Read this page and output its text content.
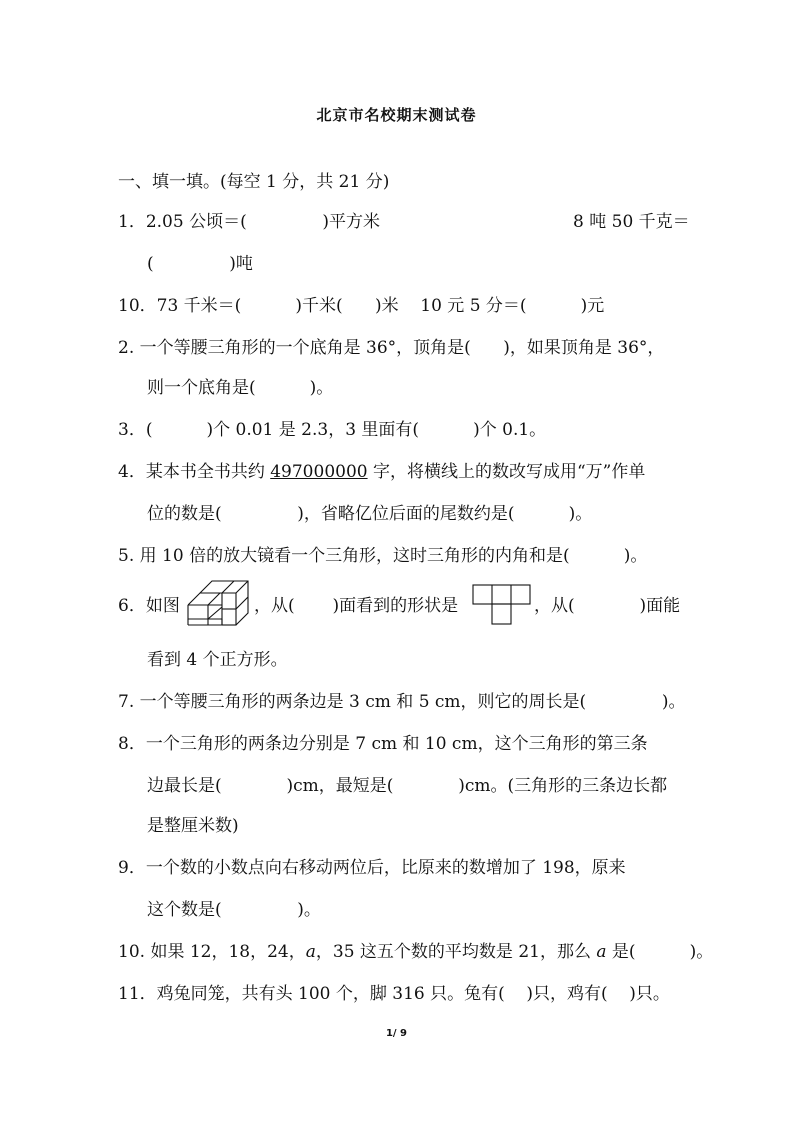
北京市名校期末测试卷
一、填一填。(每空 1 分，共 21 分)
1．2.05 公顷＝(              )平方米	8 吨 50 千克＝
(              )吨
10．73 千米＝(          )千米(      )米    10 元 5 分＝(          )元
2. 一个等腰三角形的一个底角是 36°，顶角是(      )，如果顶角是 36°，
则一个底角是(          )。
3．(          )个 0.01 是 2.3，3 里面有(          )个 0.1。
4．某本书全书共约 497000000 字，将横线上的数改写成用“万”作单
位的数是(              )，省略亿位后面的尾数约是(          )。
5. 用 10 倍的放大镜看一个三角形，这时三角形的内角和是(          )。
6．如图	，从(       )面看到的形状是	，从(            )面能
看到 4 个正方形。
7. 一个等腰三角形的两条边是 3 cm 和 5 cm，则它的周长是(              )。
8．一个三角形的两条边分别是 7 cm 和 10 cm，这个三角形的第三条
边最长是(            )cm，最短是(            )cm。(三角形的三条边长都
是整厘米数)
9．一个数的小数点向右移动两位后，比原来的数增加了 198，原来
这个数是(              )。
10. 如果 12，18，24，a，35 这五个数的平均数是 21，那么 a 是(          )。
11．鸡兔同笼，共有头 100 个，脚 316 只。兔有(    )只，鸡有(    )只。
1/ 9
